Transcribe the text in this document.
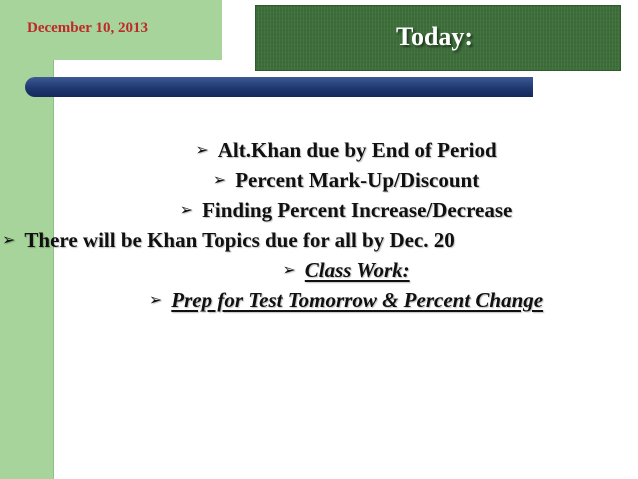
December 10, 2013	Today:
➢ Alt.Khan due by End of Period
➢ Percent Mark-Up/Discount
➢ Finding Percent Increase/Decrease
➢ There will be Khan Topics due for all by Dec. 20
➢ Class Work:
➢ Prep for Test Tomorrow & Percent Change
